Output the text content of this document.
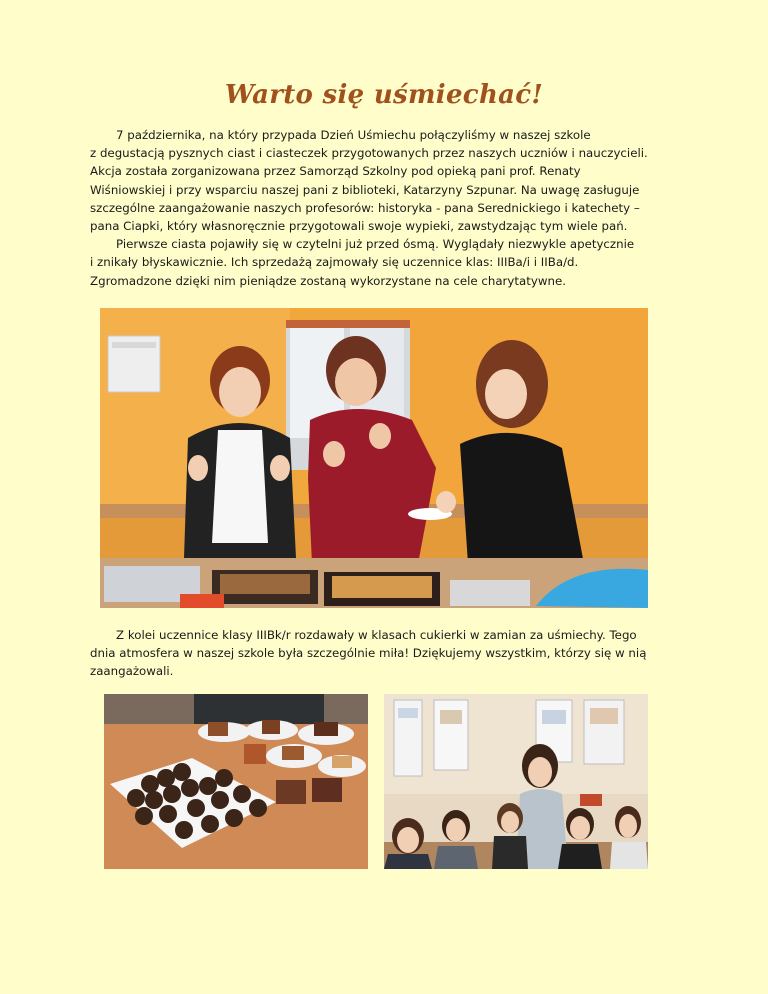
Warto się uśmiechać!
7 października, na który przypada Dzień Uśmiechu połączyliśmy w naszej szkole
z degustacją pysznych ciast i ciasteczek przygotowanych przez naszych uczniów i nauczycieli.
Akcja została zorganizowana przez Samorząd Szkolny pod opieką pani prof. Renaty
Wiśniowskiej i przy wsparciu naszej pani z biblioteki, Katarzyny Szpunar. Na uwagę zasługuje
szczególne zaangażowanie naszych profesorów: historyka - pana Serednickiego i katechety –
pana Ciapki, który własnoręcznie przygotowali swoje wypieki, zawstydzając tym wiele pań.
Pierwsze ciasta pojawiły się w czytelni już przed ósmą. Wyglądały niezwykle apetycznie
i znikały błyskawicznie. Ich sprzedażą zajmowały się uczennice klas: IIIBa/i i IIBa/d.
Zgromadzone dzięki nim pieniądze zostaną wykorzystane na cele charytatywne.
Z kolei uczennice klasy IIIBk/r rozdawały w klasach cukierki w zamian za uśmiechy. Tego
dnia atmosfera w naszej szkole była szczególnie miła! Dziękujemy wszystkim, którzy się w nią
zaangażowali.
